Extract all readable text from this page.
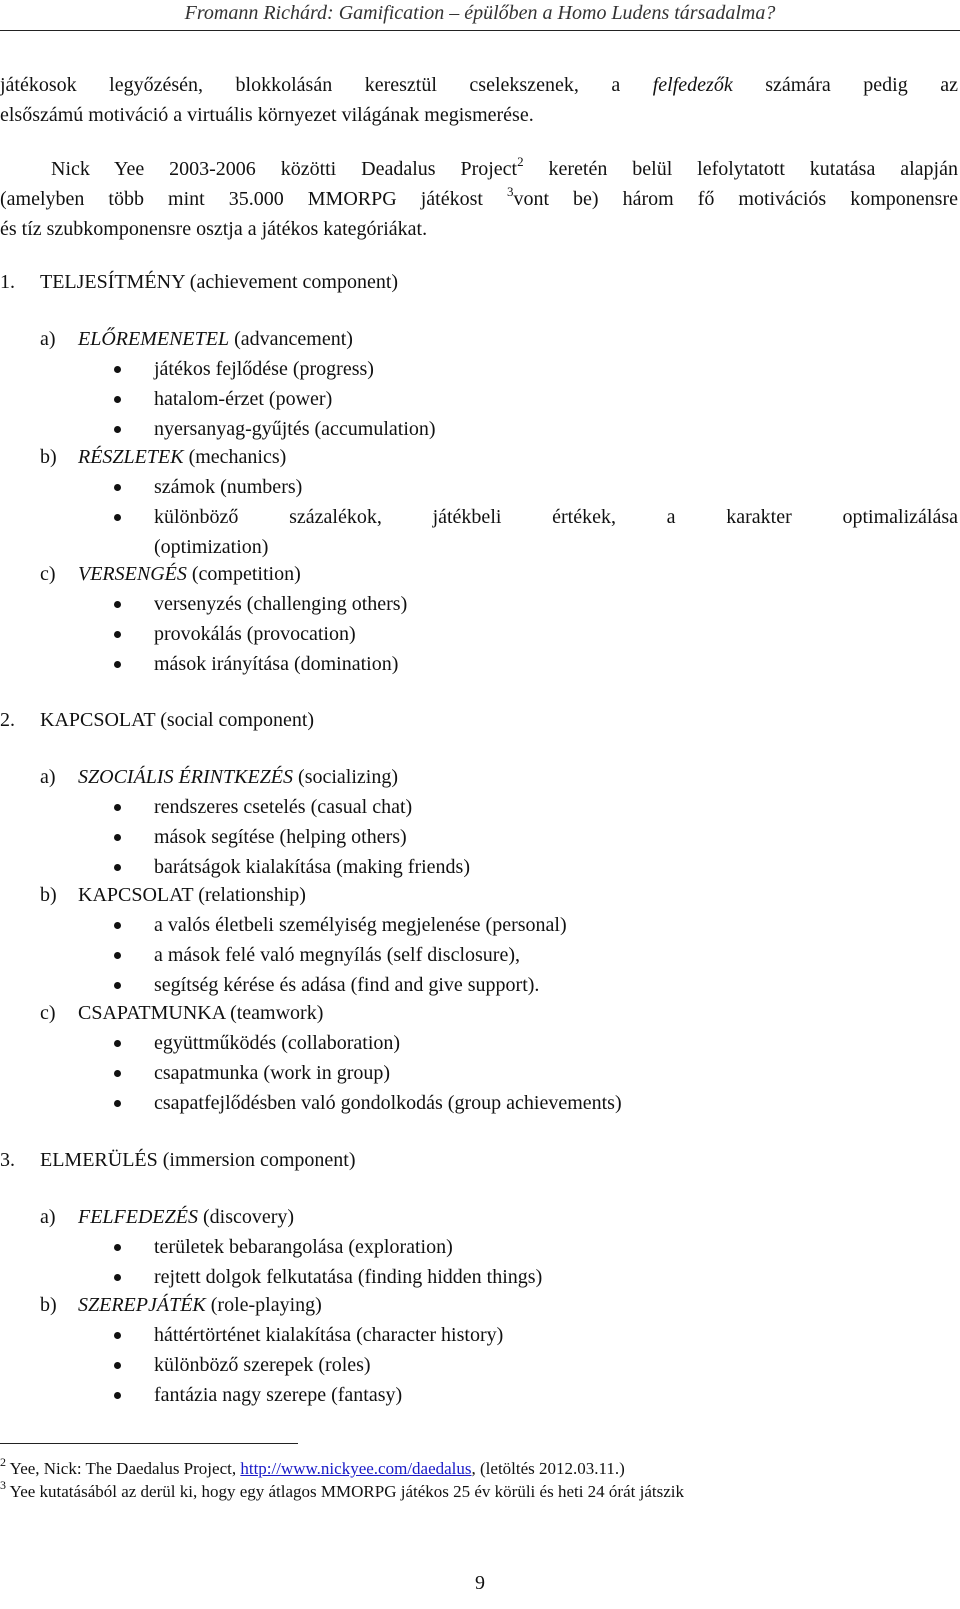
Fromann Richárd: Gamification – épülőben a Homo Ludens társadalma?
játékosok legyőzésén, blokkolásán keresztül cselekszenek, a felfedezők számára pedig az
elsőszámú motiváció a virtuális környezet világának megismerése.
Nick Yee 2003-2006 közötti Deadalus Project$^2$ keretén belül lefolytatott kutatása alapján
(amelyben több mint 35.000 MMORPG játékost $^3$vont be) három fő motivációs komponensre
és tíz szubkomponensre osztja a játékos kategóriákat.
1. TELJESÍTMÉNY (achievement component)
a) ELŐREMENETEL (advancement)
játékos fejlődése (progress)
hatalom-érzet (power)
nyersanyag-gyűjtés (accumulation)
b) RÉSZLETEK (mechanics)
számok (numbers)
különböző százalékok, játékbeli értékek, a karakter optimalizálása
(optimization)
c) VERSENGÉS (competition)
versenyzés (challenging others)
provokálás (provocation)
mások irányítása (domination)
2. KAPCSOLAT (social component)
a) SZOCIÁLIS ÉRINTKEZÉS (socializing)
rendszeres csetelés (casual chat)
mások segítése (helping others)
barátságok kialakítása (making friends)
b) KAPCSOLAT (relationship)
a valós életbeli személyiség megjelenése (personal)
a mások felé való megnyílás (self disclosure),
segítség kérése és adása (find and give support).
c) CSAPATMUNKA (teamwork)
együttműködés (collaboration)
csapatmunka (work in group)
csapatfejlődésben való gondolkodás (group achievements)
3. ELMERÜLÉS (immersion component)
a) FELFEDEZÉS (discovery)
területek bebarangolása (exploration)
rejtett dolgok felkutatása (finding hidden things)
b) SZEREPJÁTÉK (role-playing)
háttértörténet kialakítása (character history)
különböző szerepek (roles)
fantázia nagy szerepe (fantasy)
$^2$ Yee, Nick: The Daedalus Project, http://www.nickyee.com/daedalus, (letöltés 2012.03.11.)
$^3$ Yee kutatásából az derül ki, hogy egy átlagos MMORPG játékos 25 év körüli és heti 24 órát játszik
9
